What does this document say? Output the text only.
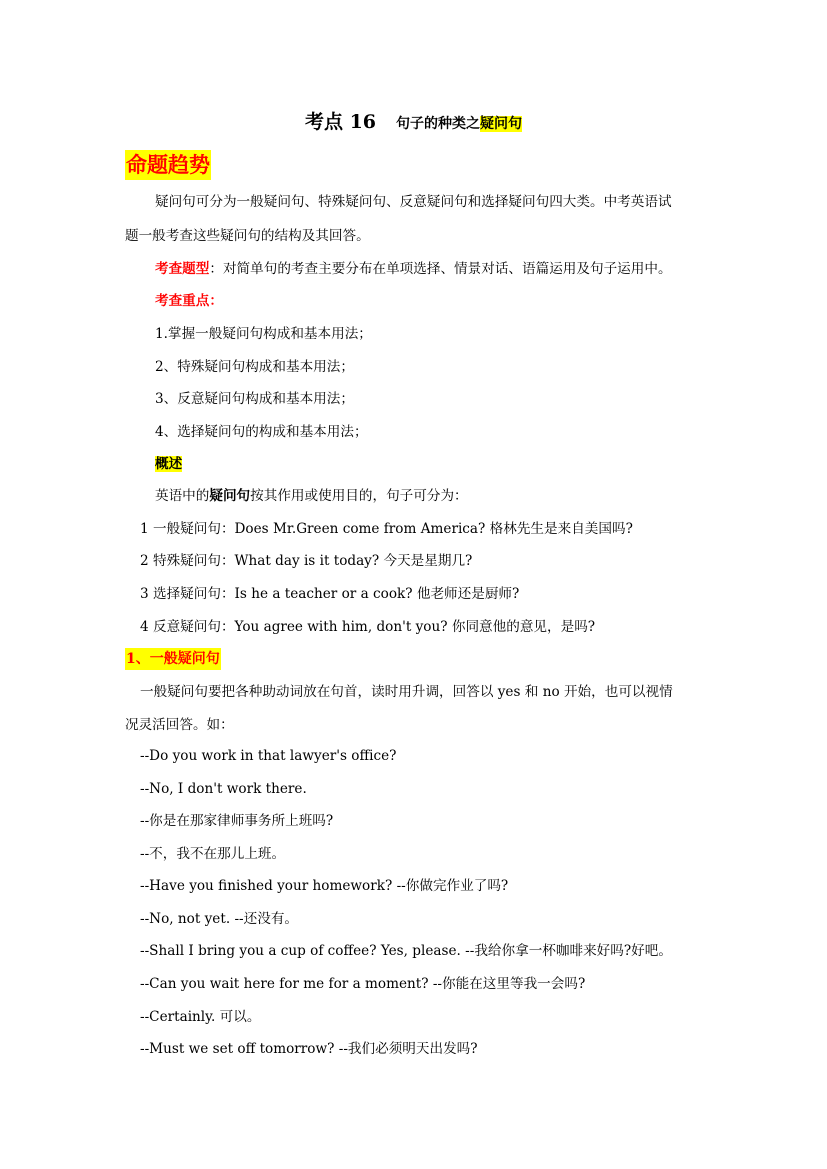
考点 16 句子的种类之疑问句
命题趋势
疑问句可分为一般疑问句、特殊疑问句、反意疑问句和选择疑问句四大类。中考英语试
题一般考查这些疑问句的结构及其回答。
考查题型：对简单句的考查主要分布在单项选择、情景对话、语篇运用及句子运用中。
考查重点：
1.掌握一般疑问句构成和基本用法；
2、特殊疑问句构成和基本用法；
3、反意疑问句构成和基本用法；
4、选择疑问句的构成和基本用法；
概述
英语中的疑问句按其作用或使用目的，句子可分为：
1 一般疑问句：Does Mr.Green come from America? 格林先生是来自美国吗?
2 特殊疑问句：What day is it today? 今天是星期几?
3 选择疑问句：Is he a teacher or a cook? 他老师还是厨师?
4 反意疑问句：You agree with him, don't you? 你同意他的意见，是吗?
1、一般疑问句
一般疑问句要把各种助动词放在句首，读时用升调，回答以 yes 和 no 开始，也可以视情
况灵活回答。如：
--Do you work in that lawyer's office?
--No, I don't work there.
--你是在那家律师事务所上班吗?
--不，我不在那儿上班。
--Have you finished your homework? --你做完作业了吗?
--No, not yet. --还没有。
--Shall I bring you a cup of coffee? Yes, please. --我给你拿一杯咖啡来好吗?好吧。
--Can you wait here for me for a moment? --你能在这里等我一会吗?
--Certainly. 可以。
--Must we set off tomorrow? --我们必须明天出发吗?
